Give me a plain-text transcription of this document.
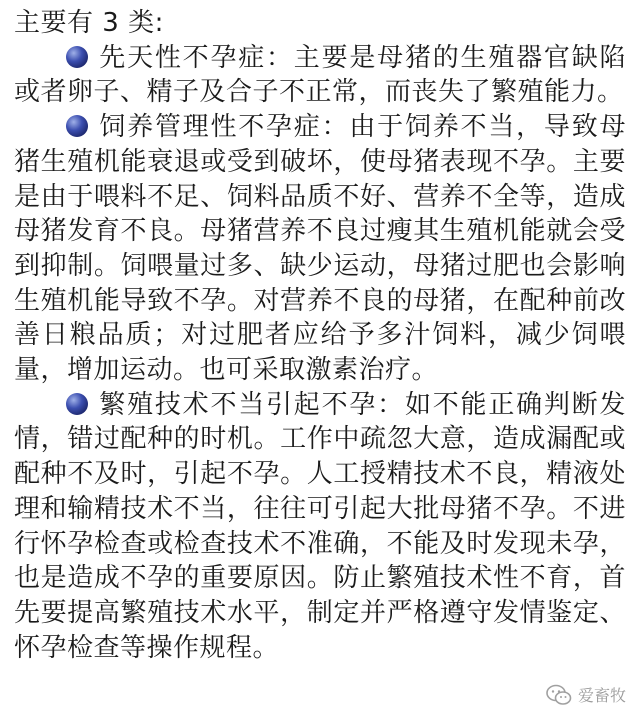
主要有 3 类:

先天性不孕症：主要是母猪的生殖器官缺陷或者卵子、精子及合子不正常，而丧失了繁殖能力。

饲养管理性不孕症：由于饲养不当，导致母猪生殖机能衰退或受到破坏，使母猪表现不孕。主要是由于喂料不足、饲料品质不好、营养不全等，造成母猪发育不良。母猪营养不良过瘦其生殖机能就会受到抑制。饲喂量过多、缺少运动，母猪过肥也会影响生殖机能导致不孕。对营养不良的母猪，在配种前改善日粮品质；对过肥者应给予多汁饲料，减少饲喂量，增加运动。也可采取激素治疗。

繁殖技术不当引起不孕：如不能正确判断发情，错过配种的时机。工作中疏忽大意，造成漏配或配种不及时，引起不孕。人工授精技术不良，精液处理和输精技术不当，往往可引起大批母猪不孕。不进行怀孕检查或检查技术不准确，不能及时发现未孕，也是造成不孕的重要原因。防止繁殖技术性不育，首先要提高繁殖技术水平，制定并严格遵守发情鉴定、怀孕检查等操作规程。

爱畜牧
